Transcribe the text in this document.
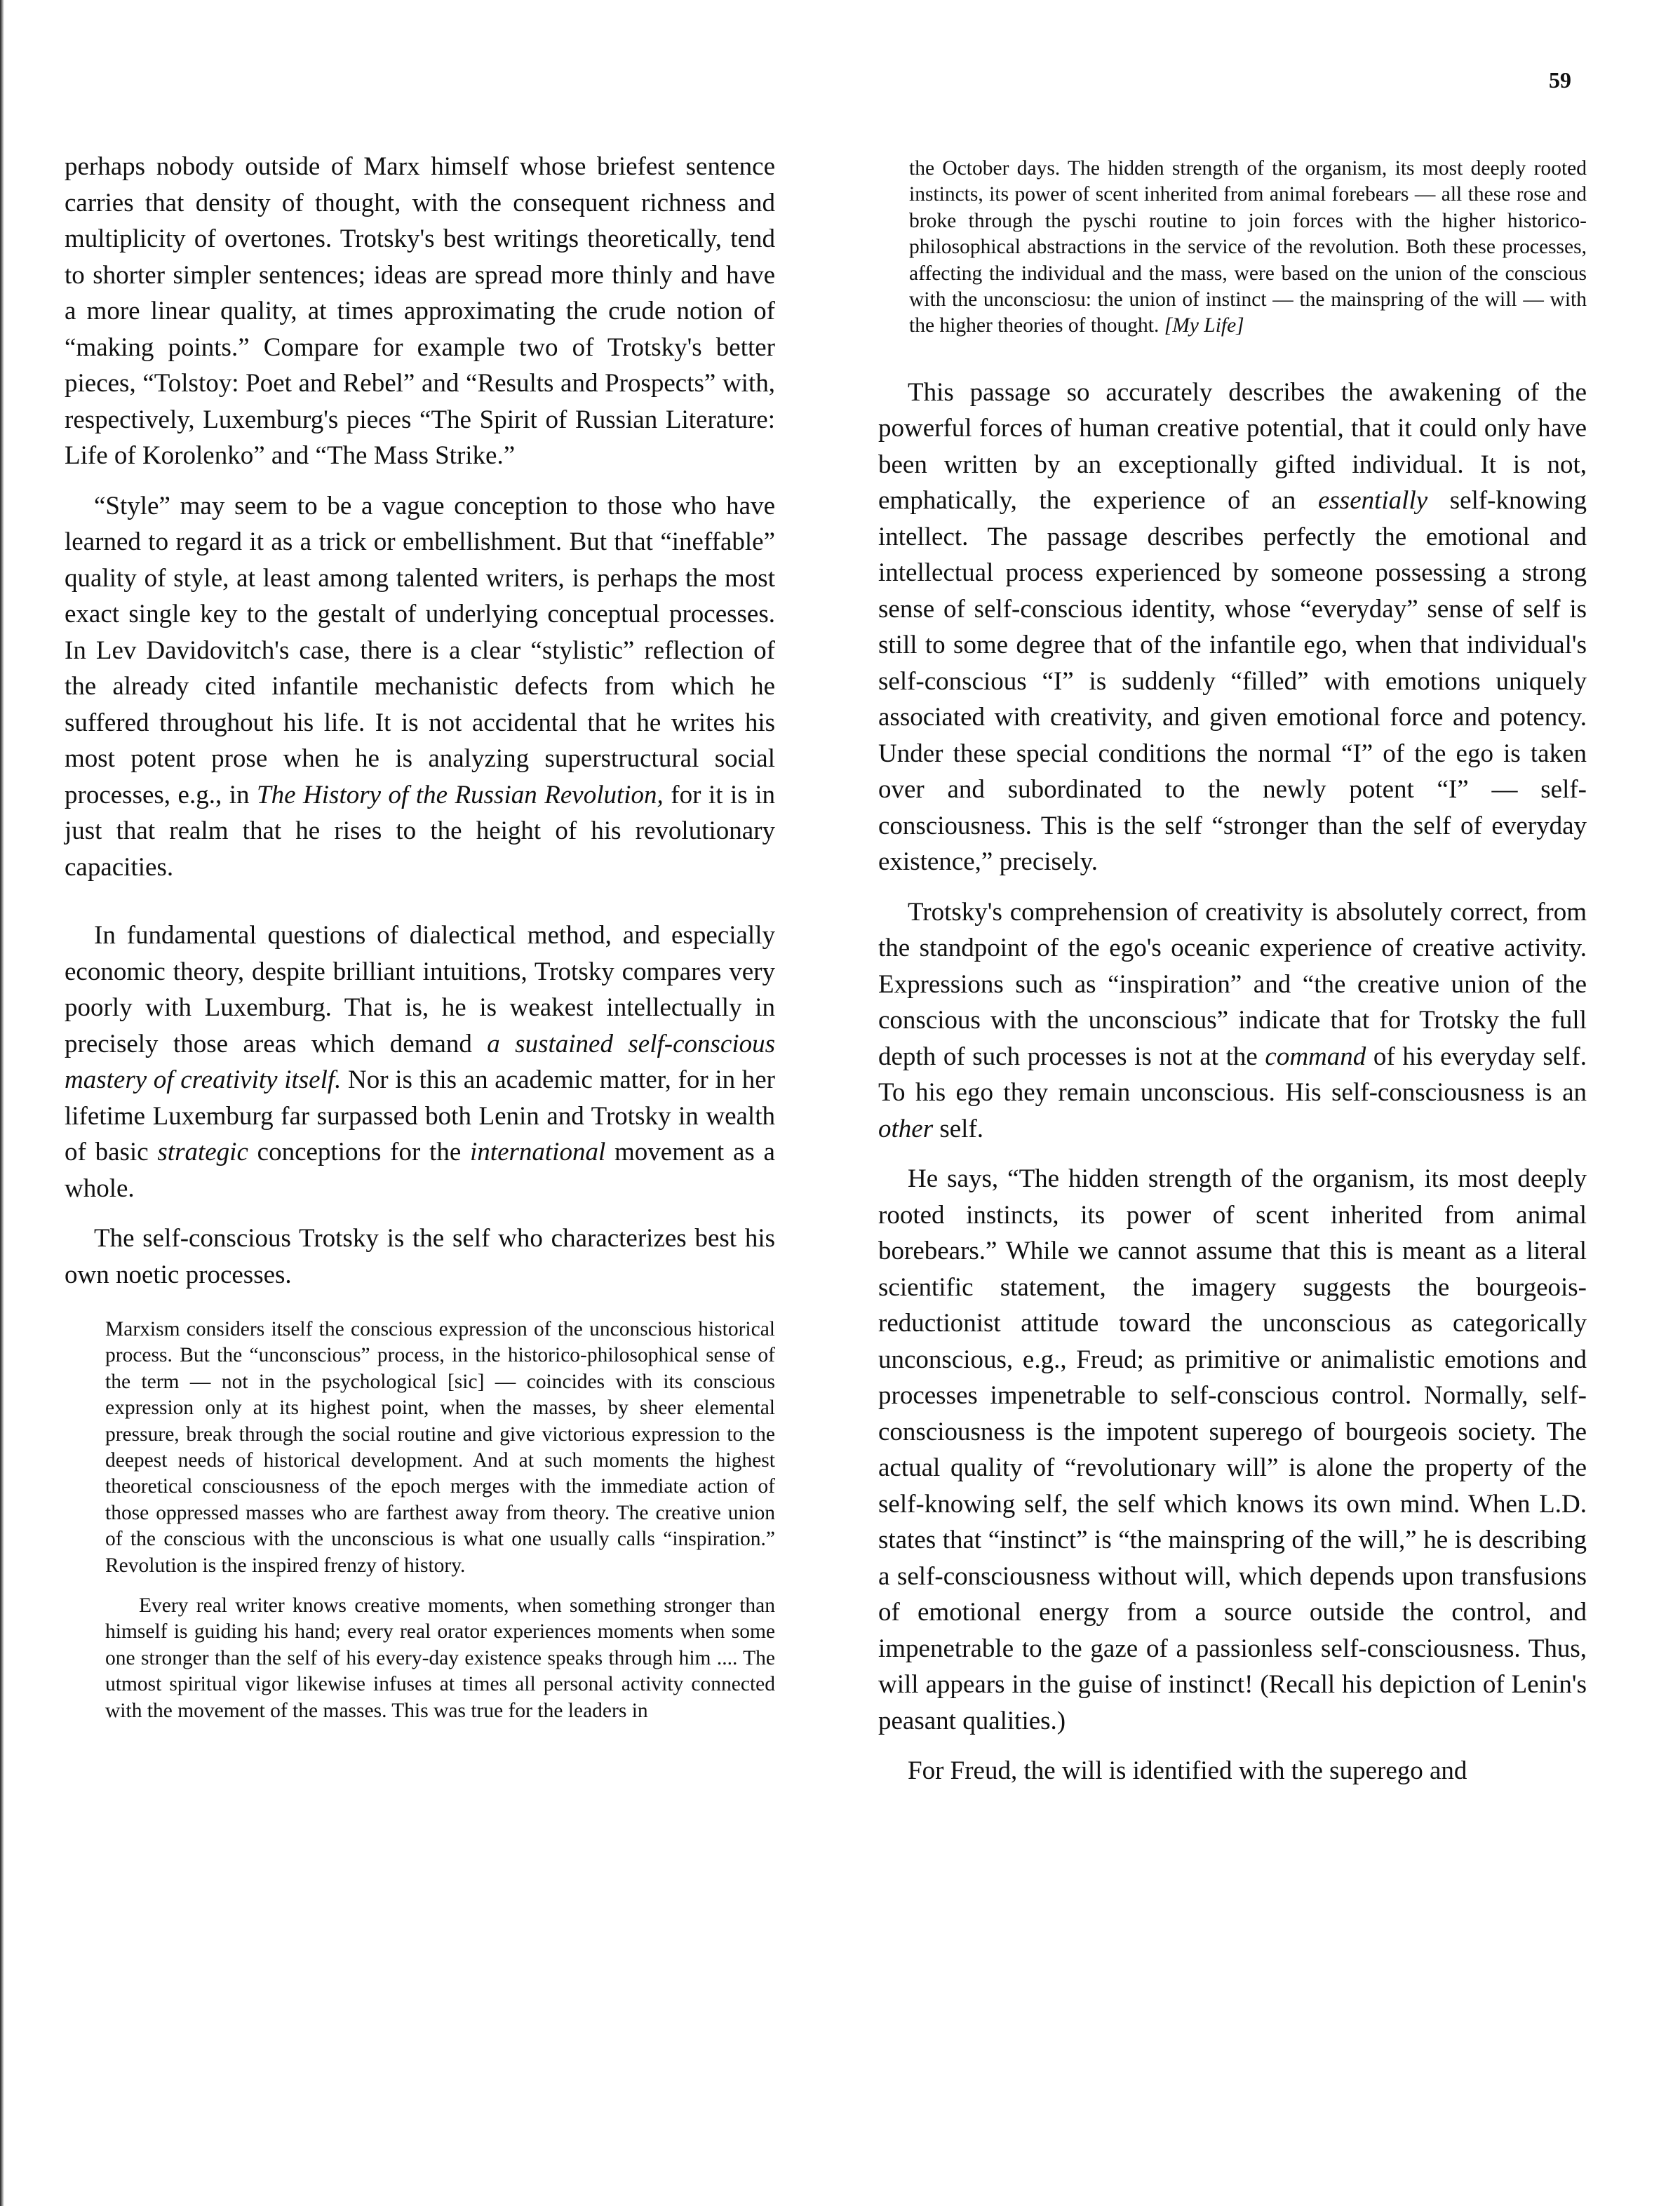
59

perhaps nobody outside of Marx himself whose briefest sentence carries that density of thought, with the consequent richness and multiplicity of overtones. Trotsky's best writings theoretically, tend to shorter simpler sentences; ideas are spread more thinly and have a more linear quality, at times approximating the crude notion of “making points.” Compare for example two of Trotsky's better pieces, “Tolstoy: Poet and Rebel” and “Results and Prospects” with, respectively, Luxemburg's pieces “The Spirit of Russian Literature: Life of Korolenko” and “The Mass Strike.”

“Style” may seem to be a vague conception to those who have learned to regard it as a trick or embellishment. But that “ineffable” quality of style, at least among talented writers, is perhaps the most exact single key to the gestalt of underlying conceptual processes. In Lev Davidovitch's case, there is a clear “stylistic” reflection of the already cited infantile mechanistic defects from which he suffered throughout his life. It is not accidental that he writes his most potent prose when he is analyzing superstructural social processes, e.g., in The History of the Russian Revolution, for it is in just that realm that he rises to the height of his revolutionary capacities.

In fundamental questions of dialectical method, and especially economic theory, despite brilliant intuitions, Trotsky compares very poorly with Luxemburg. That is, he is weakest intellectually in precisely those areas which demand a sustained self-conscious mastery of creativity itself. Nor is this an academic matter, for in her lifetime Luxemburg far surpassed both Lenin and Trotsky in wealth of basic strategic conceptions for the international movement as a whole.

The self-conscious Trotsky is the self who characterizes best his own noetic processes.

Marxism considers itself the conscious expression of the unconscious historical process. But the “unconscious” process, in the historico-philosophical sense of the term — not in the psychological [sic] — coincides with its conscious expression only at its highest point, when the masses, by sheer elemental pressure, break through the social routine and give victorious expression to the deepest needs of historical development. And at such moments the highest theoretical consciousness of the epoch merges with the immediate action of those oppressed masses who are farthest away from theory. The creative union of the conscious with the unconscious is what one usually calls “inspiration.” Revolution is the inspired frenzy of history.

Every real writer knows creative moments, when something stronger than himself is guiding his hand; every real orator experiences moments when some one stronger than the self of his every-day existence speaks through him .... The utmost spiritual vigor likewise infuses at times all personal activity connected with the movement of the masses. This was true for the leaders in

the October days. The hidden strength of the organism, its most deeply rooted instincts, its power of scent inherited from animal forebears — all these rose and broke through the pyschi routine to join forces with the higher historico-philosophical abstractions in the service of the revolution. Both these processes, affecting the individual and the mass, were based on the union of the conscious with the unconsciosu: the union of instinct — the mainspring of the will — with the higher theories of thought. [My Life]

This passage so accurately describes the awakening of the powerful forces of human creative potential, that it could only have been written by an exceptionally gifted individual. It is not, emphatically, the experience of an essentially self-knowing intellect. The passage describes perfectly the emotional and intellectual process experienced by someone possessing a strong sense of self-conscious identity, whose “everyday” sense of self is still to some degree that of the infantile ego, when that individual's self-conscious “I” is suddenly “filled” with emotions uniquely associated with creativity, and given emotional force and potency. Under these special conditions the normal “I” of the ego is taken over and subordinated to the newly potent “I” — self-consciousness. This is the self “stronger than the self of everyday existence,” precisely.

Trotsky's comprehension of creativity is absolutely correct, from the standpoint of the ego's oceanic experience of creative activity. Expressions such as “inspiration” and “the creative union of the conscious with the unconscious” indicate that for Trotsky the full depth of such processes is not at the command of his everyday self. To his ego they remain unconscious. His self-consciousness is an other self.

He says, “The hidden strength of the organism, its most deeply rooted instincts, its power of scent inherited from animal borebears.” While we cannot assume that this is meant as a literal scientific statement, the imagery suggests the bourgeois-reductionist attitude toward the unconscious as categorically unconscious, e.g., Freud; as primitive or animalistic emotions and processes impenetrable to self-conscious control. Normally, self-consciousness is the impotent superego of bourgeois society. The actual quality of “revolutionary will” is alone the property of the self-knowing self, the self which knows its own mind. When L.D. states that “instinct” is “the mainspring of the will,” he is describing a self-consciousness without will, which depends upon transfusions of emotional energy from a source outside the control, and impenetrable to the gaze of a passionless self-consciousness. Thus, will appears in the guise of instinct! (Recall his depiction of Lenin's peasant qualities.)

For Freud, the will is identified with the superego and
